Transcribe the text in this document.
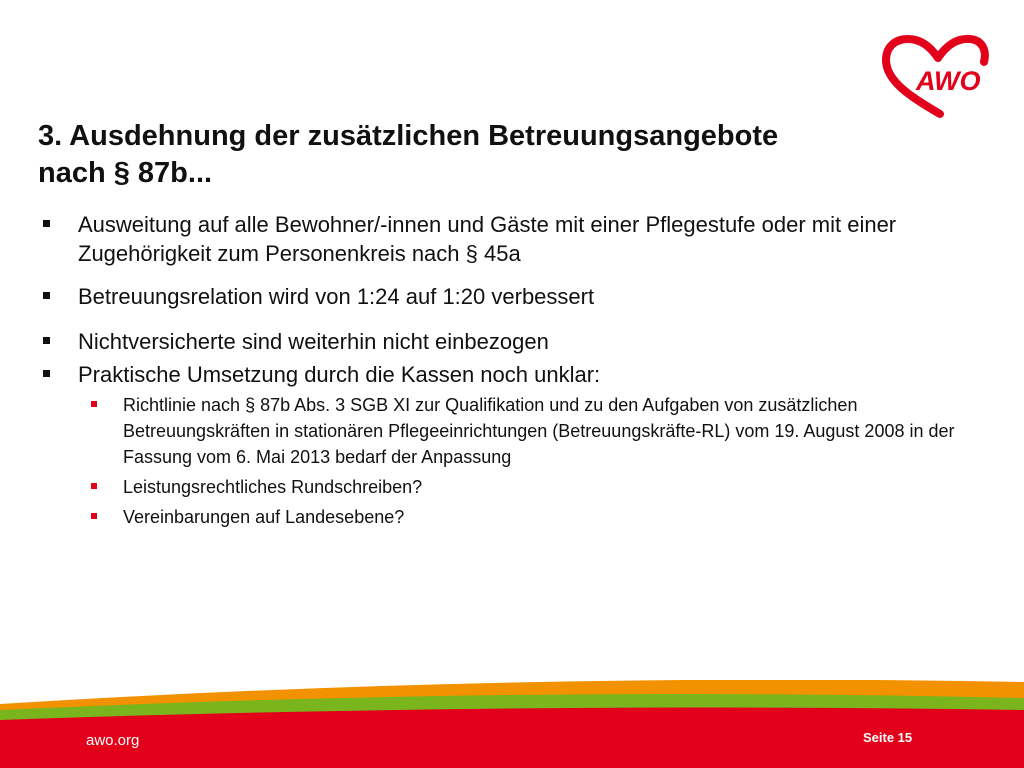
AWO
3. Ausdehnung der zusätzlichen Betreuungsangebote
nach § 87b...
Ausweitung auf alle Bewohner/-innen und Gäste mit einer Pflegestufe oder mit einer Zugehörigkeit zum Personenkreis nach § 45a
Betreuungsrelation wird von 1:24 auf 1:20 verbessert
Nichtversicherte sind weiterhin nicht einbezogen
Praktische Umsetzung durch die Kassen noch unklar:
Richtlinie nach § 87b Abs. 3 SGB XI zur Qualifikation und zu den Aufgaben von zusätzlichen Betreuungskräften in stationären Pflegeeinrichtungen (Betreuungskräfte-RL) vom 19. August 2008 in der Fassung vom 6. Mai 2013 bedarf der Anpassung
Leistungsrechtliches Rundschreiben?
Vereinbarungen auf Landesebene?
awo.org	Seite 15
